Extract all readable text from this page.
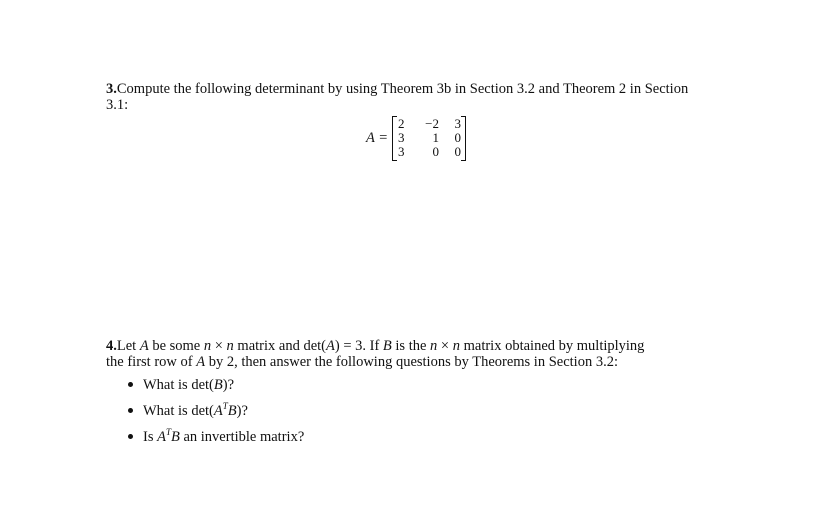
3.Compute the following determinant by using Theorem 3b in Section 3.2 and Theorem 2 in Section
3.1:
A =
2	−2	3
3	1	0
3	0	0
4.Let A be some n × n matrix and det(A) = 3. If B is the n × n matrix obtained by multiplying
the first row of A by 2, then answer the following questions by Theorems in Section 3.2:
What is det(B)?
What is $\det(A^TB)$?
Is $A^TB$ an invertible matrix?
